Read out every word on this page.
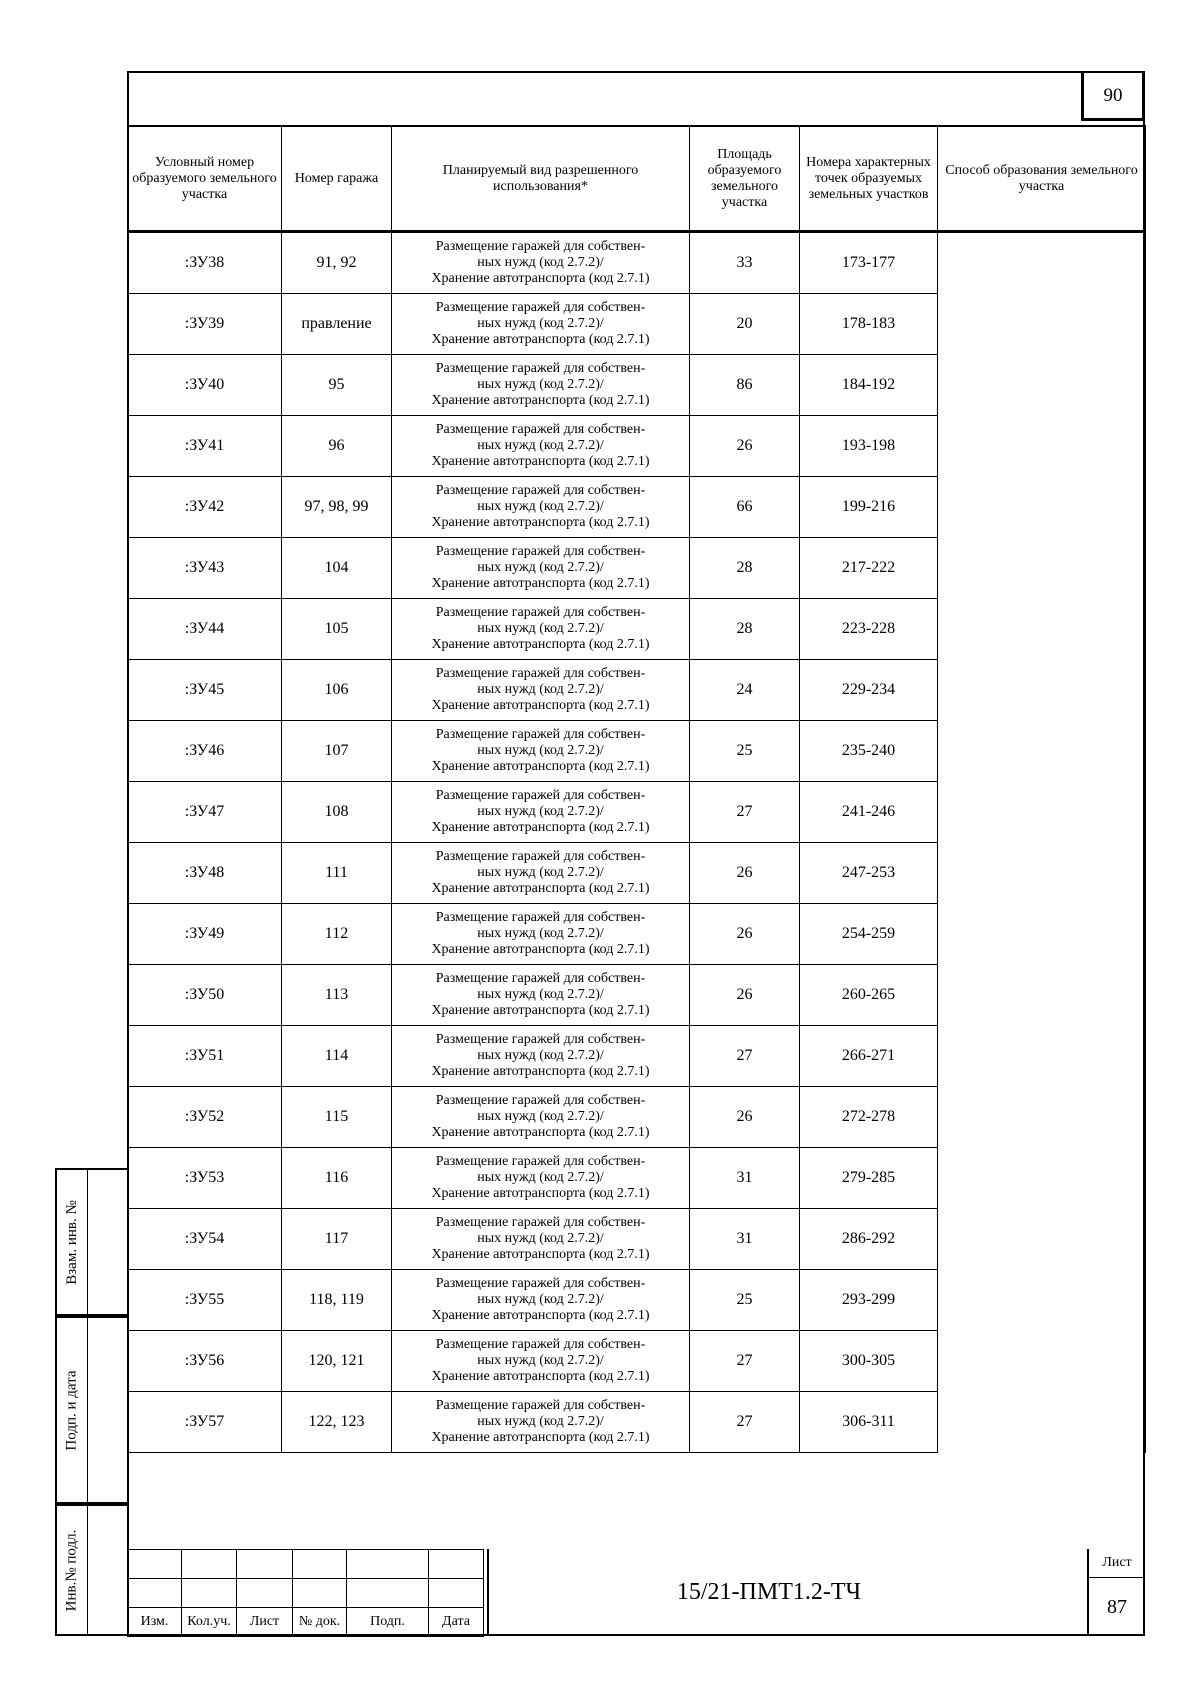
90
Условный номер образуемого земельного участка	Номер гаража	Планируемый вид разрешенного использования*	Площадь образуемого земельного участка	Номера характерных точек образуемых земельных участков	Способ образования земельного участка
:ЗУ38	91, 92	Размещение гаражей для собствен-
ных нужд (код 2.7.2)/
Хранение автотранспорта (код 2.7.1)	33	173-177	
:ЗУ39	правление	Размещение гаражей для собствен-
ных нужд (код 2.7.2)/
Хранение автотранспорта (код 2.7.1)	20	178-183	
:ЗУ40	95	Размещение гаражей для собствен-
ных нужд (код 2.7.2)/
Хранение автотранспорта (код 2.7.1)	86	184-192	
:ЗУ41	96	Размещение гаражей для собствен-
ных нужд (код 2.7.2)/
Хранение автотранспорта (код 2.7.1)	26	193-198	
:ЗУ42	97, 98, 99	Размещение гаражей для собствен-
ных нужд (код 2.7.2)/
Хранение автотранспорта (код 2.7.1)	66	199-216	
:ЗУ43	104	Размещение гаражей для собствен-
ных нужд (код 2.7.2)/
Хранение автотранспорта (код 2.7.1)	28	217-222	
:ЗУ44	105	Размещение гаражей для собствен-
ных нужд (код 2.7.2)/
Хранение автотранспорта (код 2.7.1)	28	223-228	
:ЗУ45	106	Размещение гаражей для собствен-
ных нужд (код 2.7.2)/
Хранение автотранспорта (код 2.7.1)	24	229-234	
:ЗУ46	107	Размещение гаражей для собствен-
ных нужд (код 2.7.2)/
Хранение автотранспорта (код 2.7.1)	25	235-240	
:ЗУ47	108	Размещение гаражей для собствен-
ных нужд (код 2.7.2)/
Хранение автотранспорта (код 2.7.1)	27	241-246	
:ЗУ48	111	Размещение гаражей для собствен-
ных нужд (код 2.7.2)/
Хранение автотранспорта (код 2.7.1)	26	247-253	
:ЗУ49	112	Размещение гаражей для собствен-
ных нужд (код 2.7.2)/
Хранение автотранспорта (код 2.7.1)	26	254-259	
:ЗУ50	113	Размещение гаражей для собствен-
ных нужд (код 2.7.2)/
Хранение автотранспорта (код 2.7.1)	26	260-265	
:ЗУ51	114	Размещение гаражей для собствен-
ных нужд (код 2.7.2)/
Хранение автотранспорта (код 2.7.1)	27	266-271	
:ЗУ52	115	Размещение гаражей для собствен-
ных нужд (код 2.7.2)/
Хранение автотранспорта (код 2.7.1)	26	272-278	
:ЗУ53	116	Размещение гаражей для собствен-
ных нужд (код 2.7.2)/
Хранение автотранспорта (код 2.7.1)	31	279-285	
:ЗУ54	117	Размещение гаражей для собствен-
ных нужд (код 2.7.2)/
Хранение автотранспорта (код 2.7.1)	31	286-292	
:ЗУ55	118, 119	Размещение гаражей для собствен-
ных нужд (код 2.7.2)/
Хранение автотранспорта (код 2.7.1)	25	293-299	
:ЗУ56	120, 121	Размещение гаражей для собствен-
ных нужд (код 2.7.2)/
Хранение автотранспорта (код 2.7.1)	27	300-305	
:ЗУ57	122, 123	Размещение гаражей для собствен-
ных нужд (код 2.7.2)/
Хранение автотранспорта (код 2.7.1)	27	306-311	
Взам. инв. №
Подп. и дата
Инв.№ подл.

Изм.	Кол.уч.	Лист	№ док.	Подп.	Дата
15/21-ПМТ1.2-ТЧ
Лист
87
